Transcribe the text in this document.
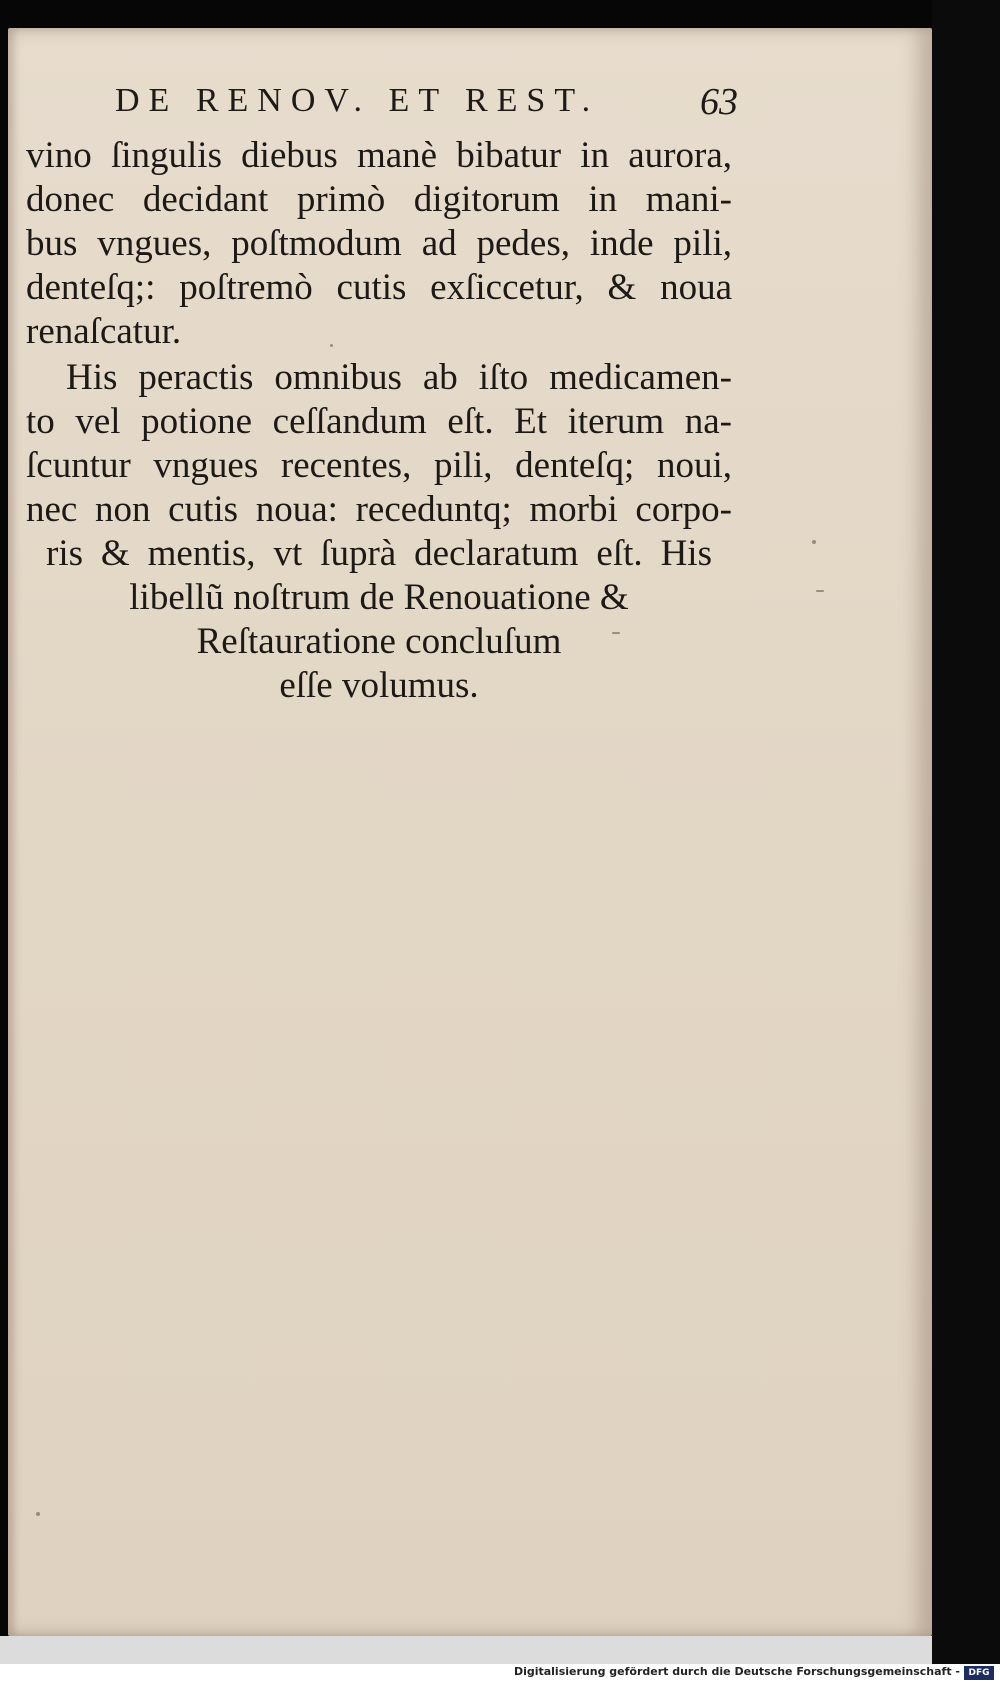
DE RENOV. ET REST.	63
vino ſingulis diebus manè bibatur in aurora,
donec decidant primò digitorum in mani-
bus vngues, poſtmodum ad pedes, inde pili,
denteſq;: poſtremò cutis exſiccetur, & noua
renaſcatur.
His peractis omnibus ab iſto medicamen-
to vel potione ceſſandum eſt. Et iterum na-
ſcuntur vngues recentes, pili, denteſq; noui,
nec non cutis noua: receduntq; morbi corpo-
ris & mentis, vt ſuprà declaratum eſt. His
libellũ noſtrum de Renouatione &
Reſtauratione concluſum
eſſe volumus.
Digitalisierung gefördert durch die Deutsche Forschungsgemeinschaft - DFG
